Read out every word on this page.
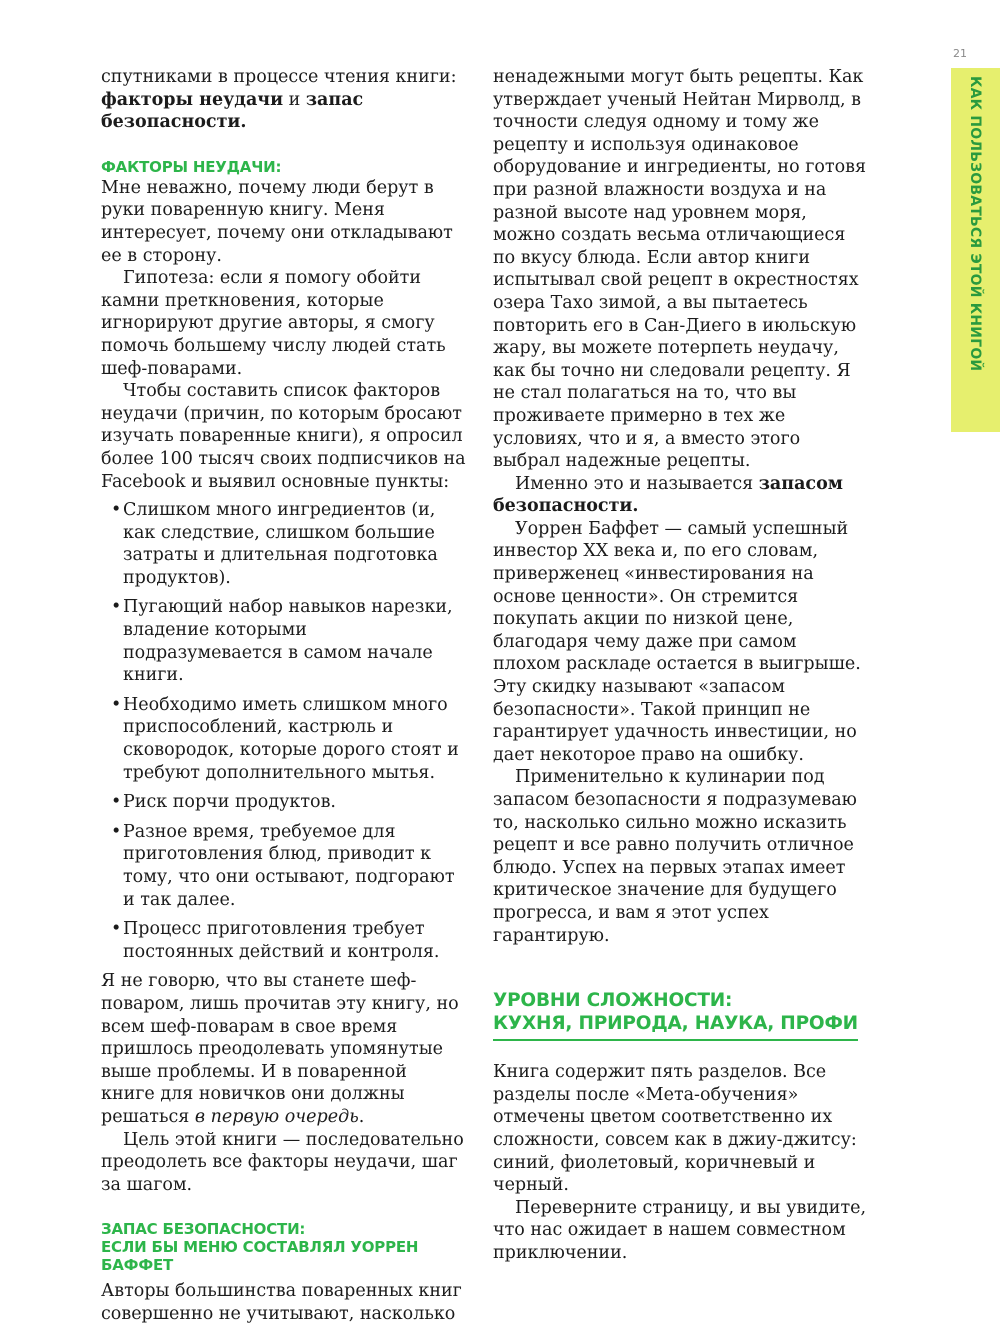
спутниками в процессе чтения книги: факторы неудачи и запас безопасности.

ФАКТОРЫ НЕУДАЧИ:

Мне неважно, почему люди берут в руки поваренную книгу. Меня интересует, почему они откладывают ее в сторону.

Гипотеза: если я помогу обойти камни преткновения, которые игнорируют другие авторы, я смогу помочь большему числу людей стать шеф-поварами.

Чтобы составить список факторов неудачи (причин, по которым бросают изучать поваренные книги), я опросил более 100 тысяч своих подписчиков на Facebook и выявил основные пункты:

• Слишком много ингредиентов (и, как следствие, слишком большие затраты и длительная подготовка продуктов).
• Пугающий набор навыков нарезки, владение которыми подразумевается в самом начале книги.
• Необходимо иметь слишком много приспособлений, кастрюль и сковородок, которые дорого стоят и требуют дополнительного мытья.
• Риск порчи продуктов.
• Разное время, требуемое для приготовления блюд, приводит к тому, что они остывают, подгорают и так далее.
• Процесс приготовления требует постоянных действий и контроля.

Я не говорю, что вы станете шеф-поваром, лишь прочитав эту книгу, но всем шеф-поварам в свое время пришлось преодолевать упомянутые выше проблемы. И в поваренной книге для новичков они должны решаться в первую очередь.

Цель этой книги — последовательно преодолеть все факторы неудачи, шаг за шагом.

ЗАПАС БЕЗОПАСНОСТИ:
ЕСЛИ БЫ МЕНЮ СОСТАВЛЯЛ УОРРЕН БАФФЕТ

Авторы большинства поваренных книг совершенно не учитывают, насколько

ненадежными могут быть рецепты. Как утверждает ученый Нейтан Мирволд, в точности следуя одному и тому же рецепту и используя одинаковое оборудование и ингредиенты, но готовя при разной влажности воздуха и на разной высоте над уровнем моря, можно создать весьма отличающиеся по вкусу блюда. Если автор книги испытывал свой рецепт в окрестностях озера Тахо зимой, а вы пытаетесь повторить его в Сан-Диего в июльскую жару, вы можете потерпеть неудачу, как бы точно ни следовали рецепту. Я не стал полагаться на то, что вы проживаете примерно в тех же условиях, что и я, а вместо этого выбрал надежные рецепты.

Именно это и называется запасом безопасности.

Уоррен Баффет — самый успешный инвестор XX века и, по его словам, приверженец «инвестирования на основе ценности». Он стремится покупать акции по низкой цене, благодаря чему даже при самом плохом раскладе остается в выигрыше. Эту скидку называют «запасом безопасности». Такой принцип не гарантирует удачность инвестиции, но дает некоторое право на ошибку.

Применительно к кулинарии под запасом безопасности я подразумеваю то, насколько сильно можно исказить рецепт и все равно получить отличное блюдо. Успех на первых этапах имеет критическое значение для будущего прогресса, и вам я этот успех гарантирую.

УРОВНИ СЛОЖНОСТИ:
КУХНЯ, ПРИРОДА, НАУКА, ПРОФИ

Книга содержит пять разделов. Все разделы после «Мета-обучения» отмечены цветом соответственно их сложности, совсем как в джиу-джитсу: синий, фиолетовый, коричневый и черный.

Переверните страницу, и вы увидите, что нас ожидает в нашем совместном приключении.

21
КАК ПОЛЬЗОВАТЬСЯ ЭТОЙ КНИГОЙ
